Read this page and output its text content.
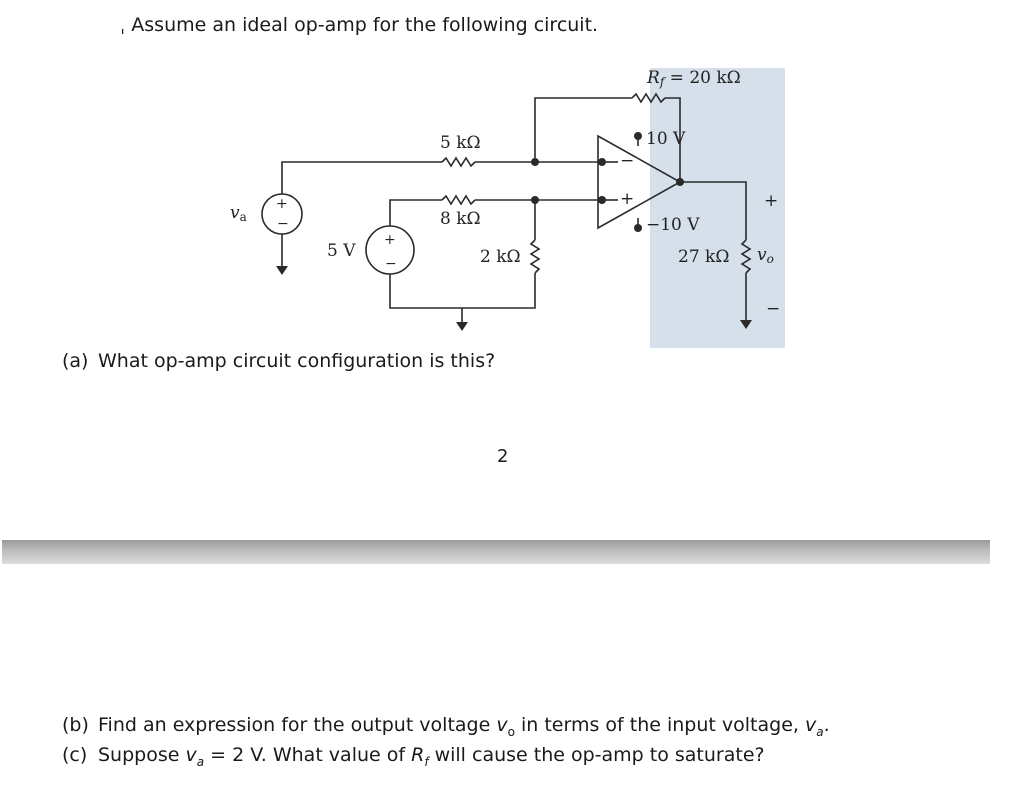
ˌ Assume an ideal op-amp for the following circuit.
Rf = 20 kΩ
5 kΩ
8 kΩ
2 kΩ
+
−
va
+
−
5 V
−
+
10 V
−10 V
27 kΩ
+
−
vo
(a) What op-amp circuit configuration is this?
2
(b) Find an expression for the output voltage $v_o$ in terms of the input voltage, $v_a$.
(c) Suppose $v_a = 2$ V. What value of $R_f$ will cause the op-amp to saturate?
